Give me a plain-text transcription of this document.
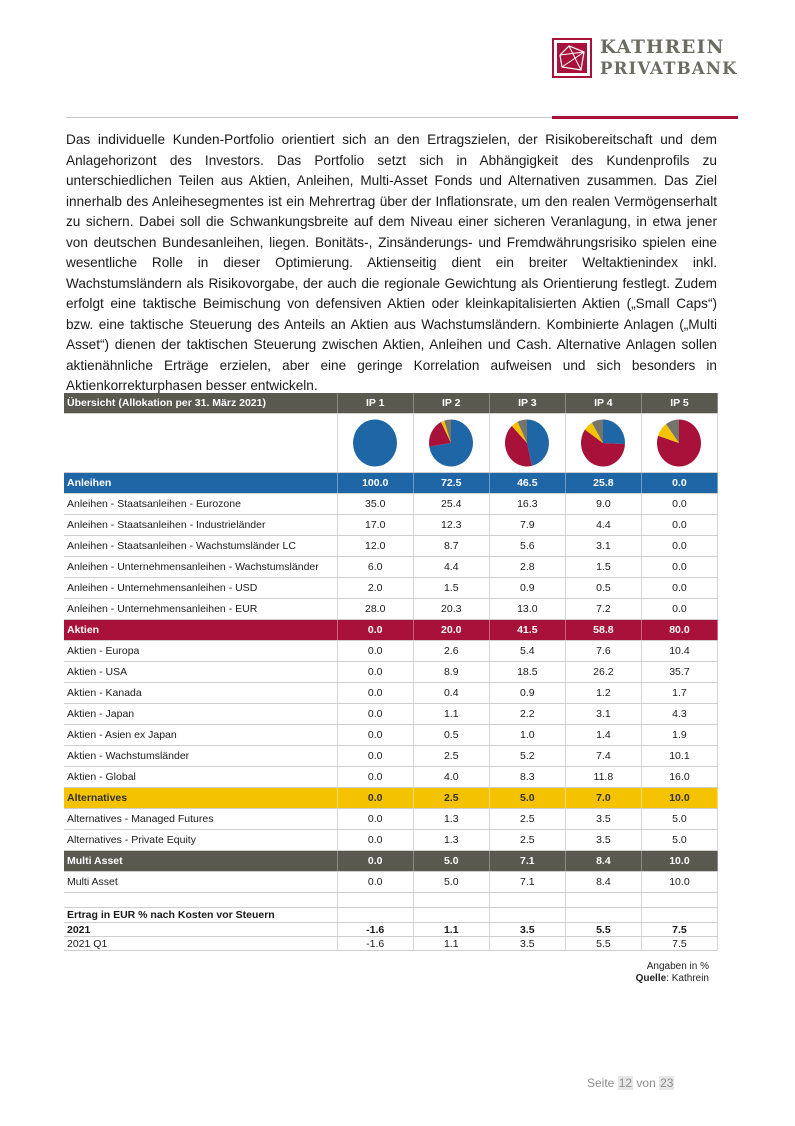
KATHREIN
PRIVATBANK

Das individuelle Kunden-Portfolio orientiert sich an den Ertragszielen, der Risikobereitschaft und dem Anlagehorizont des Investors. Das Portfolio setzt sich in Abhängigkeit des Kundenprofils zu unterschiedlichen Teilen aus Aktien, Anleihen, Multi-Asset Fonds und Alternativen zusammen. Das Ziel innerhalb des Anleihesegmentes ist ein Mehrertrag über der Inflationsrate, um den realen Vermögenserhalt zu sichern. Dabei soll die Schwankungsbreite auf dem Niveau einer sicheren Veranlagung, in etwa jener von deutschen Bundesanleihen, liegen. Bonitäts-, Zinsänderungs- und Fremdwährungsrisiko spielen eine wesentliche Rolle in dieser Optimierung. Aktienseitig dient ein breiter Weltaktienindex inkl. Wachstumsländern als Risikovorgabe, der auch die regionale Gewichtung als Orientierung festlegt. Zudem erfolgt eine taktische Beimischung von defensiven Aktien oder kleinkapitalisierten Aktien („Small Caps“) bzw. eine taktische Steuerung des Anteils an Aktien aus Wachstumsländern. Kombinierte Anlagen („Multi Asset“) dienen der taktischen Steuerung zwischen Aktien, Anleihen und Cash. Alternative Anlagen sollen aktienähnliche Erträge erzielen, aber eine geringe Korrelation aufweisen und sich besonders in Aktienkorrekturphasen besser entwickeln.

Übersicht (Allokation per 31. März 2021)	IP 1	IP 2	IP 3	IP 4	IP 5

Anleihen	100.0	72.5	46.5	25.8	0.0
Anleihen - Staatsanleihen - Eurozone	35.0	25.4	16.3	9.0	0.0
Anleihen - Staatsanleihen - Industrieländer	17.0	12.3	7.9	4.4	0.0
Anleihen - Staatsanleihen - Wachstumsländer LC	12.0	8.7	5.6	3.1	0.0
Anleihen - Unternehmensanleihen - Wachstumsländer	6.0	4.4	2.8	1.5	0.0
Anleihen - Unternehmensanleihen - USD	2.0	1.5	0.9	0.5	0.0
Anleihen - Unternehmensanleihen - EUR	28.0	20.3	13.0	7.2	0.0
Aktien	0.0	20.0	41.5	58.8	80.0
Aktien - Europa	0.0	2.6	5.4	7.6	10.4
Aktien - USA	0.0	8.9	18.5	26.2	35.7
Aktien - Kanada	0.0	0.4	0.9	1.2	1.7
Aktien - Japan	0.0	1.1	2.2	3.1	4.3
Aktien - Asien ex Japan	0.0	0.5	1.0	1.4	1.9
Aktien - Wachstumsländer	0.0	2.5	5.2	7.4	10.1
Aktien - Global	0.0	4.0	8.3	11.8	16.0
Alternatives	0.0	2.5	5.0	7.0	10.0
Alternatives - Managed Futures	0.0	1.3	2.5	3.5	5.0
Alternatives - Private Equity	0.0	1.3	2.5	3.5	5.0
Multi Asset	0.0	5.0	7.1	8.4	10.0
Multi Asset	0.0	5.0	7.1	8.4	10.0

Ertrag in EUR % nach Kosten vor Steuern					
2021	-1.6	1.1	3.5	5.5	7.5
2021 Q1	-1.6	1.1	3.5	5.5	7.5
Angaben in %
Quelle: Kathrein
Seite 12 von 23
